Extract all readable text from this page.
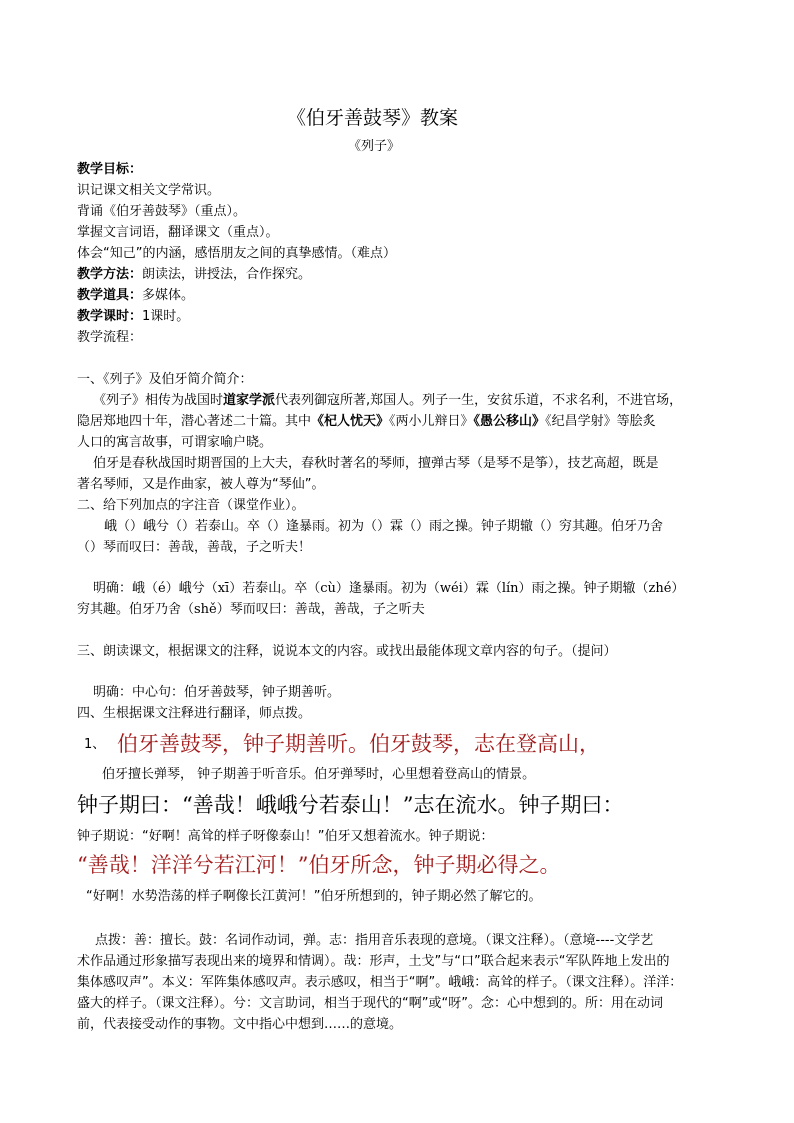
《伯牙善鼓琴》教案
《列子》
教学目标：
识记课文相关文学常识。
背诵《伯牙善鼓琴》（重点）。
掌握文言词语，翻译课文（重点）。
体会“知己”的内涵，感悟朋友之间的真挚感情。（难点）
教学方法：朗读法，讲授法，合作探究。
教学道具：多媒体。
教学课时：1课时。
教学流程：
一、《列子》及伯牙简介简介：
《列子》相传为战国时道家学派代表列御寇所著,郑国人。列子一生，安贫乐道，不求名利，不进官场，
隐居郑地四十年，潜心著述二十篇。其中《杞人忧天》《两小儿辩日》《愚公移山》《纪昌学射》等脍炙
人口的寓言故事，可谓家喻户晓。
伯牙是春秋战国时期晋国的上大夫，春秋时著名的琴师，擅弹古琴（是琴不是筝），技艺高超，既是
著名琴师，又是作曲家，被人尊为“琴仙”。
二、给下列加点的字注音（课堂作业）。
峨（）峨兮（）若泰山。卒（）逢暴雨。初为（）霖（）雨之操。钟子期辙（）穷其趣。伯牙乃舍
（）琴而叹曰：善哉，善哉，子之听夫！
明确：峨（é）峨兮（xī）若泰山。卒（cù）逢暴雨。初为（wéi）霖（lín）雨之操。钟子期辙（zhé）
穷其趣。伯牙乃舍（shě）琴而叹曰：善哉，善哉，子之听夫
三、朗读课文，根据课文的注释，说说本文的内容。或找出最能体现文章内容的句子。（提问）
明确：中心句：伯牙善鼓琴，钟子期善听。
四、生根据课文注释进行翻译，师点拨。
1、 伯牙善鼓琴，钟子期善听。伯牙鼓琴，志在登高山，
伯牙擅长弹琴， 钟子期善于听音乐。伯牙弹琴时，心里想着登高山的情景。
钟子期曰：“善哉！峨峨兮若泰山！”志在流水。钟子期曰：
钟子期说：“好啊！高耸的样子呀像泰山！”伯牙又想着流水。钟子期说：
“善哉！洋洋兮若江河！”伯牙所念，钟子期必得之。
“好啊！水势浩荡的样子啊像长江黄河！”伯牙所想到的，钟子期必然了解它的。
点拨：善：擅长。鼓：名词作动词，弹。志：指用音乐表现的意境。（课文注释）。（意境----文学艺
术作品通过形象描写表现出来的境界和情调）。哉：形声，土戈”与“口”联合起来表示“军队阵地上发出的
集体感叹声”。本义：军阵集体感叹声。表示感叹，相当于“啊”。峨峨：高耸的样子。（课文注释）。洋洋：
盛大的样子。（课文注释）。兮：文言助词，相当于现代的“啊”或“呀”。念：心中想到的。所：用在动词
前，代表接受动作的事物。文中指心中想到……的意境。
